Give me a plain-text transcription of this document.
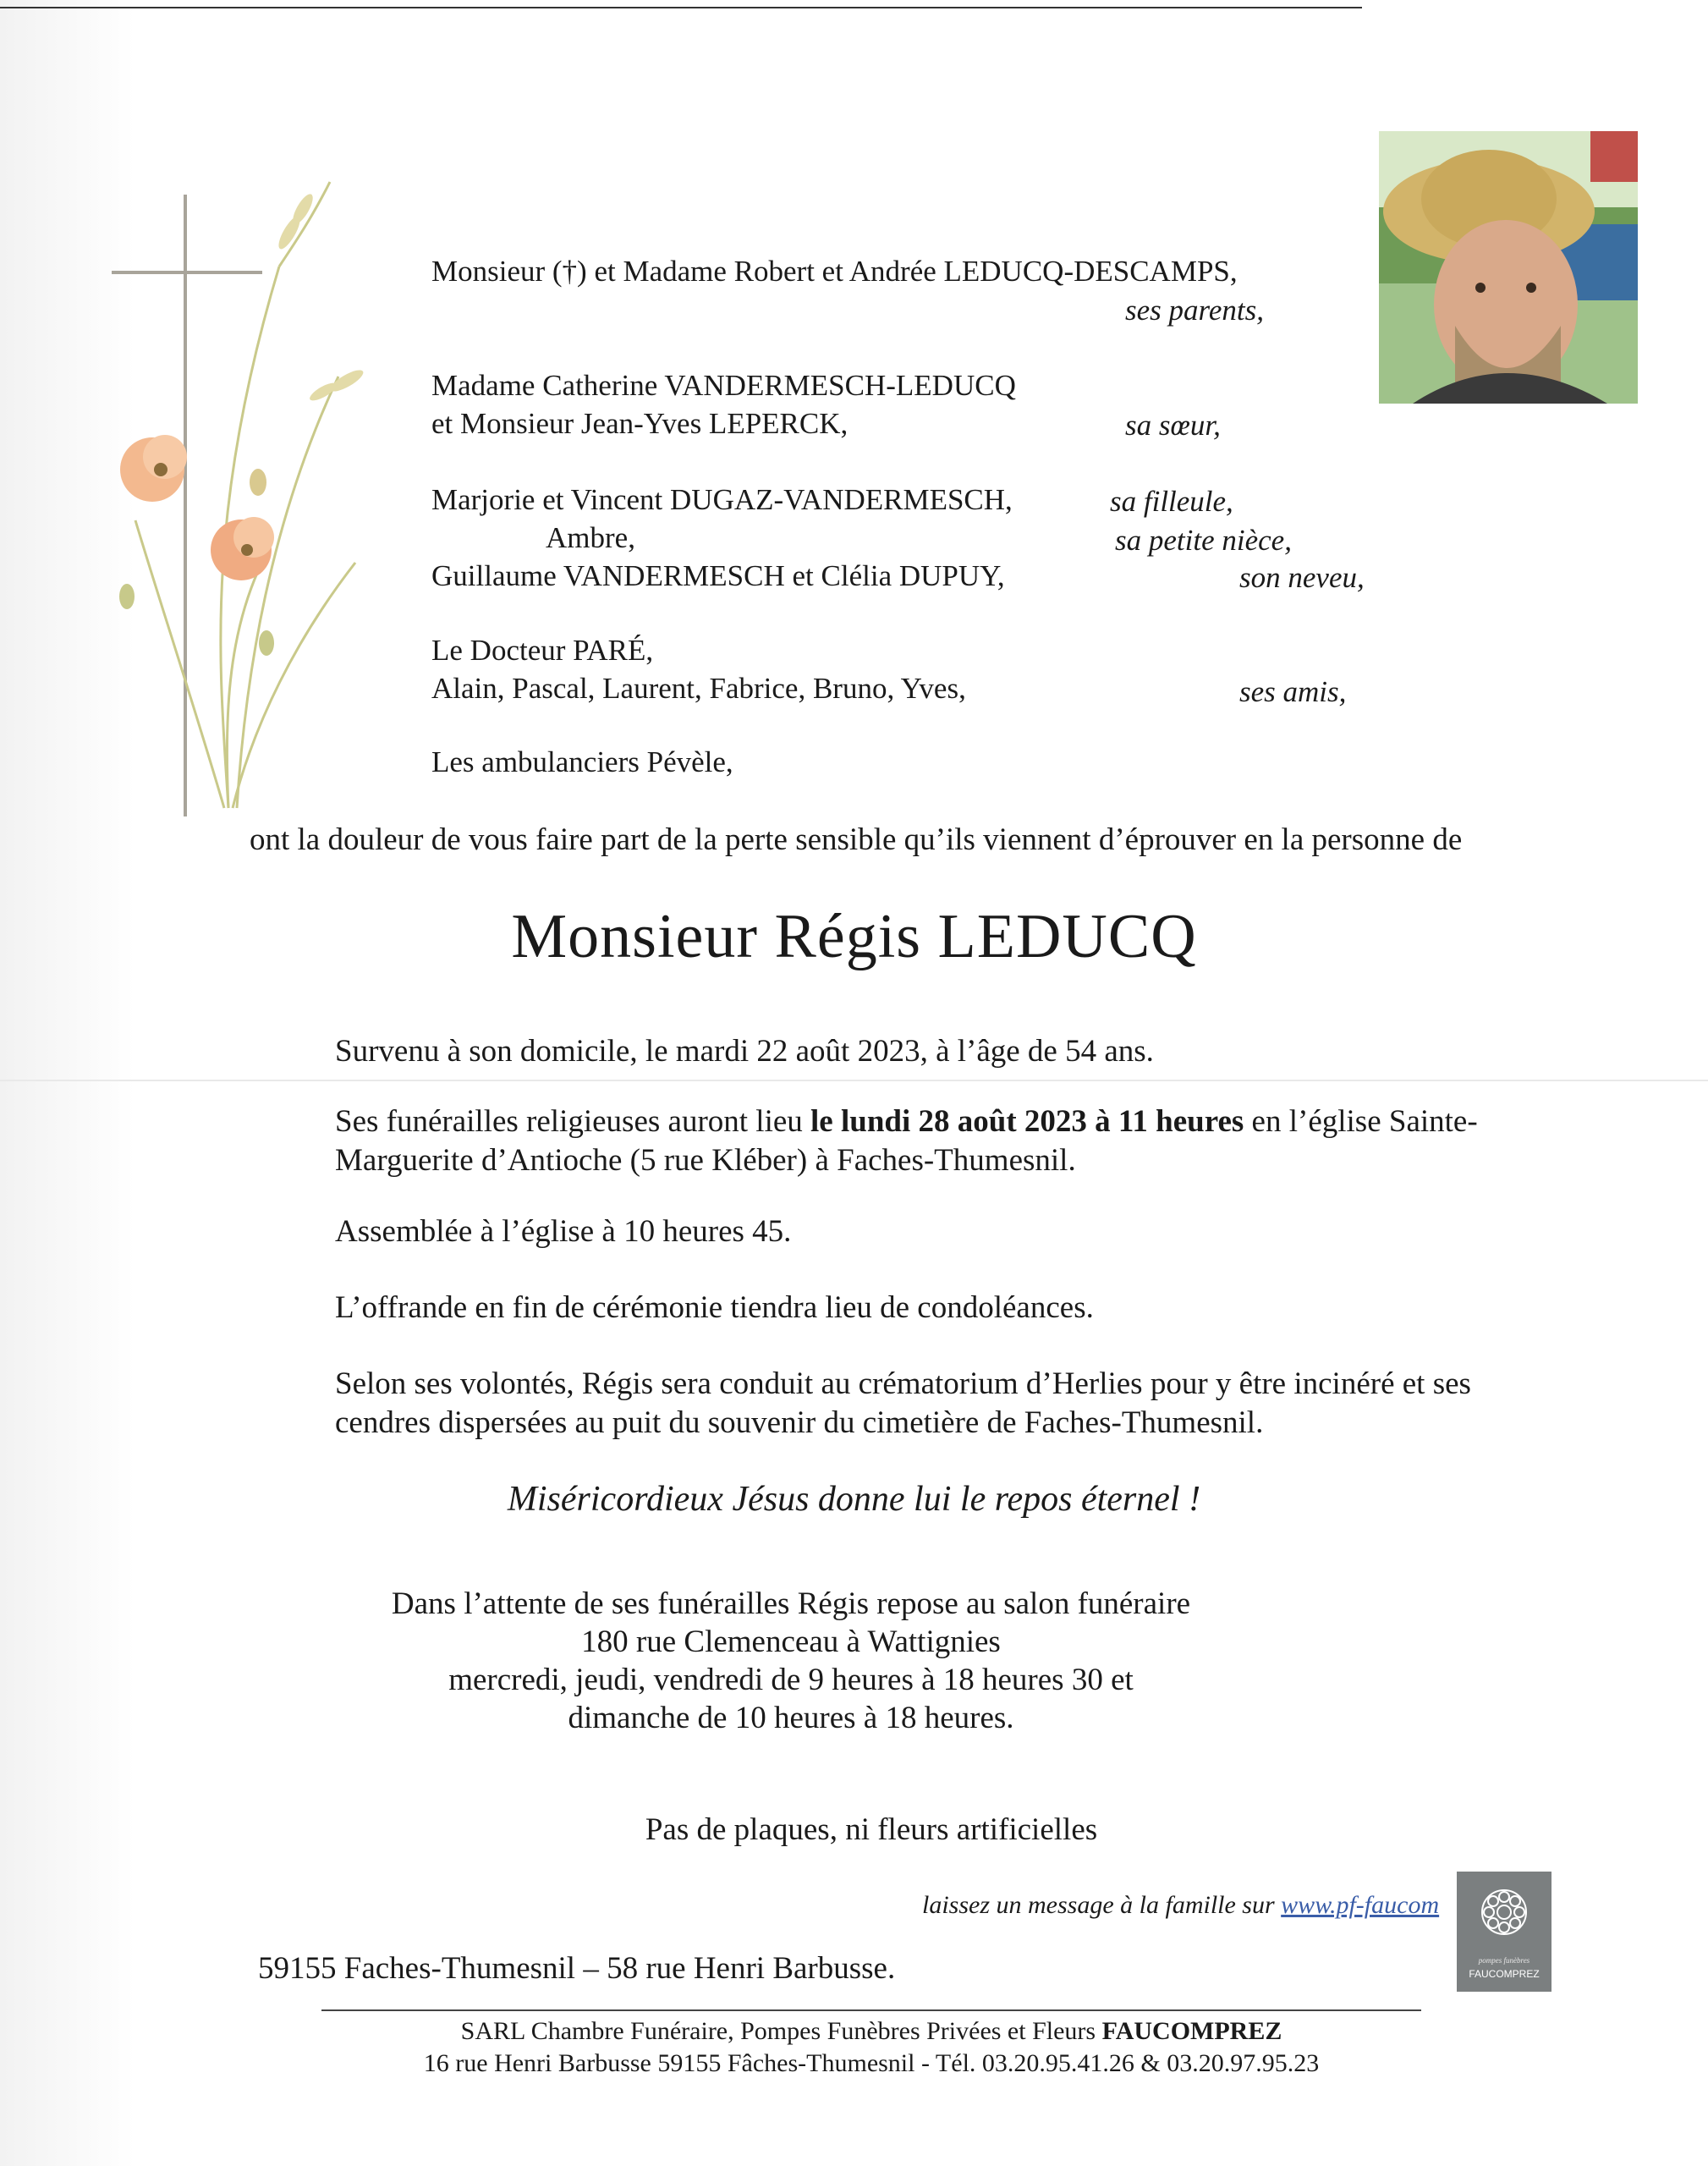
Monsieur (†) et Madame Robert et Andrée LEDUCQ-DESCAMPS,
ses parents,
Madame Catherine VANDERMESCH-LEDUCQ
et Monsieur Jean-Yves LEPERCK,	sa sœur,
Marjorie et Vincent DUGAZ-VANDERMESCH,	sa filleule,
Ambre,	sa petite nièce,
Guillaume VANDERMESCH et Clélia DUPUY,	son neveu,
Le Docteur PARÉ,
Alain, Pascal, Laurent, Fabrice, Bruno, Yves,	ses amis,
Les ambulanciers Pévèle,
ont la douleur de vous faire part de la perte sensible qu’ils viennent d’éprouver en la personne de
Monsieur Régis LEDUCQ
Survenu à son domicile, le mardi 22 août 2023, à l’âge de 54 ans.
Ses funérailles religieuses auront lieu le lundi 28 août 2023 à 11 heures en l’église Sainte-
Marguerite d’Antioche (5 rue Kléber) à Faches-Thumesnil.
Assemblée à l’église à 10 heures 45.
L’offrande en fin de cérémonie tiendra lieu de condoléances.
Selon ses volontés, Régis sera conduit au crématorium d’Herlies pour y être incinéré et ses
cendres dispersées au puit du souvenir du cimetière de Faches-Thumesnil.
Miséricordieux Jésus donne lui le repos éternel !
Dans l’attente de ses funérailles Régis repose au salon funéraire
180 rue Clemenceau à Wattignies
mercredi, jeudi, vendredi de 9 heures à 18 heures 30 et
dimanche de 10 heures à 18 heures.
Pas de plaques, ni fleurs artificielles
laissez un message à la famille sur www.pf-faucom
pompes funèbres
FAUCOMPREZ
59155 Faches-Thumesnil – 58 rue Henri Barbusse.
SARL Chambre Funéraire, Pompes Funèbres Privées et Fleurs FAUCOMPREZ
16 rue Henri Barbusse 59155 Fâches-Thumesnil - Tél. 03.20.95.41.26 & 03.20.97.95.23
